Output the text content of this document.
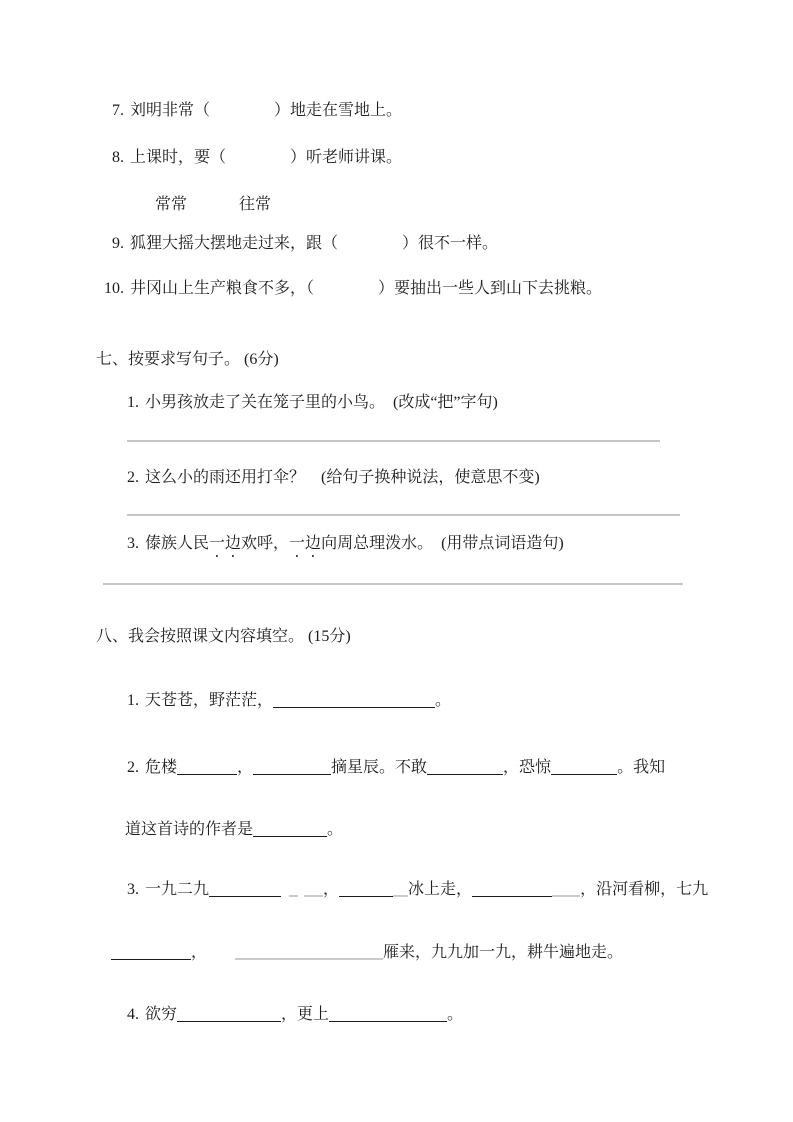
7. 刘明非常（　　　　）地走在雪地上。
8. 上课时，要（　　　　）听老师讲课。
常常	往常
9. 狐狸大摇大摆地走过来，跟（　　　　）很不一样。
10. 井冈山上生产粮食不多，（　　　　）要抽出一些人到山下去挑粮。
七、按要求写句子。 (6分)
1. 小男孩放走了关在笼子里的小鸟。　(改成“把”字句)
2. 这么小的雨还用打伞？　(给句子换种说法，使意思不变)
3. 傣族人民一边欢呼，一边向周总理泼水。　(用带点词语造句)
八、我会按照课文内容填空。 (15分)
1. 天苍苍，野茫茫，	。
2. 危楼	，	摘星辰。不敢	，恐惊	。我知
道这首诗的作者是	。
3. 一九二九	，	冰上走，	，沿河看柳，七九
，	雁来，九九加一九，耕牛遍地走。
4. 欲穷	，更上	。
